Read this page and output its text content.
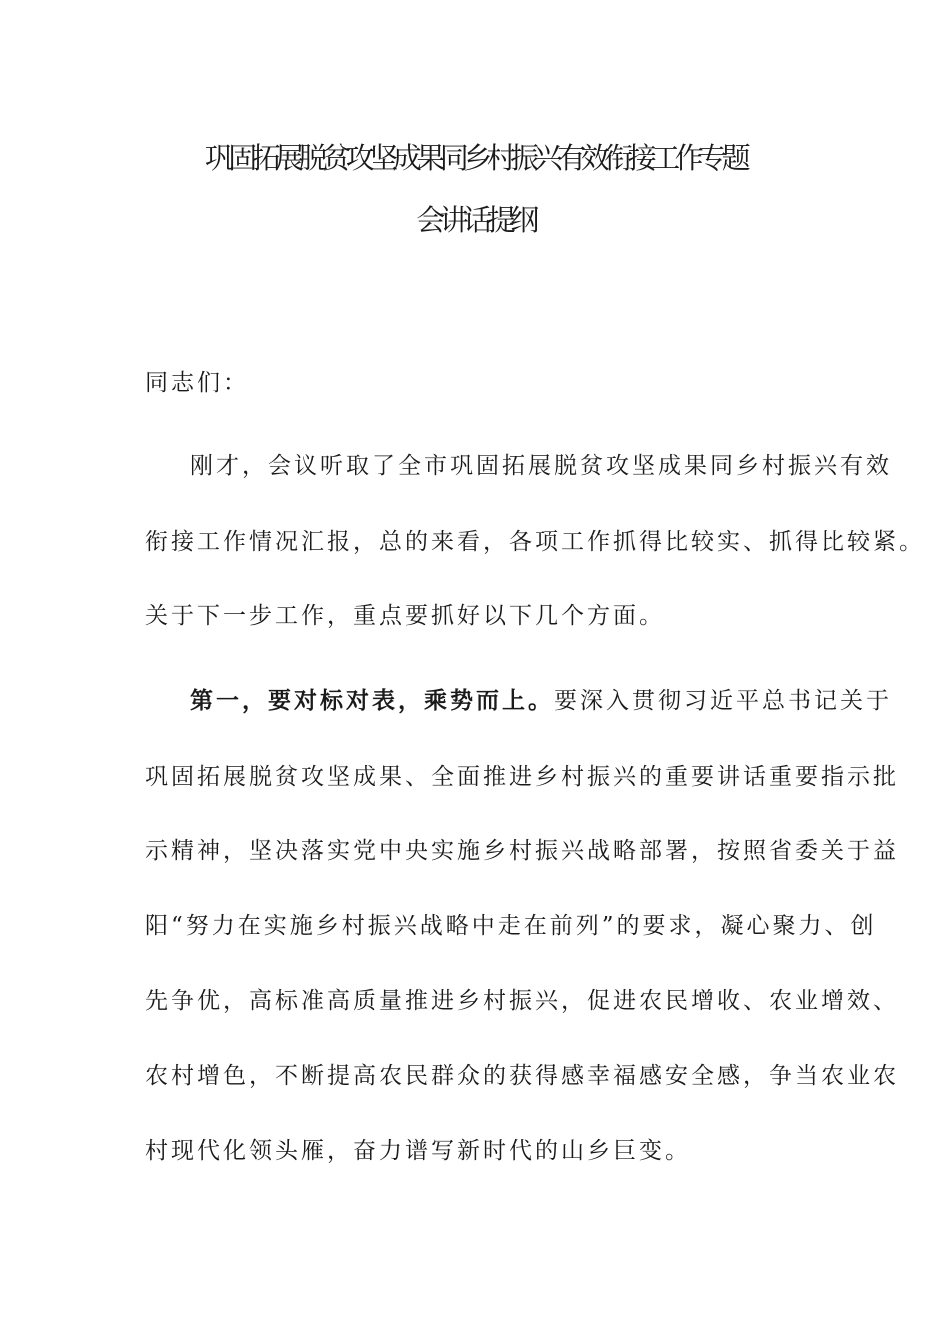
巩固拓展脱贫攻坚成果同乡村振兴有效衔接工作专题
会讲话提纲
同志们：
刚才，会议听取了全市巩固拓展脱贫攻坚成果同乡村振兴有效
衔接工作情况汇报，总的来看，各项工作抓得比较实、抓得比较紧。
关于下一步工作，重点要抓好以下几个方面。
第一，要对标对表，乘势而上。要深入贯彻习近平总书记关于
巩固拓展脱贫攻坚成果、全面推进乡村振兴的重要讲话重要指示批
示精神，坚决落实党中央实施乡村振兴战略部署，按照省委关于益
阳“努力在实施乡村振兴战略中走在前列”的要求，凝心聚力、创
先争优，高标准高质量推进乡村振兴，促进农民增收、农业增效、
农村增色，不断提高农民群众的获得感幸福感安全感，争当农业农
村现代化领头雁，奋力谱写新时代的山乡巨变。
